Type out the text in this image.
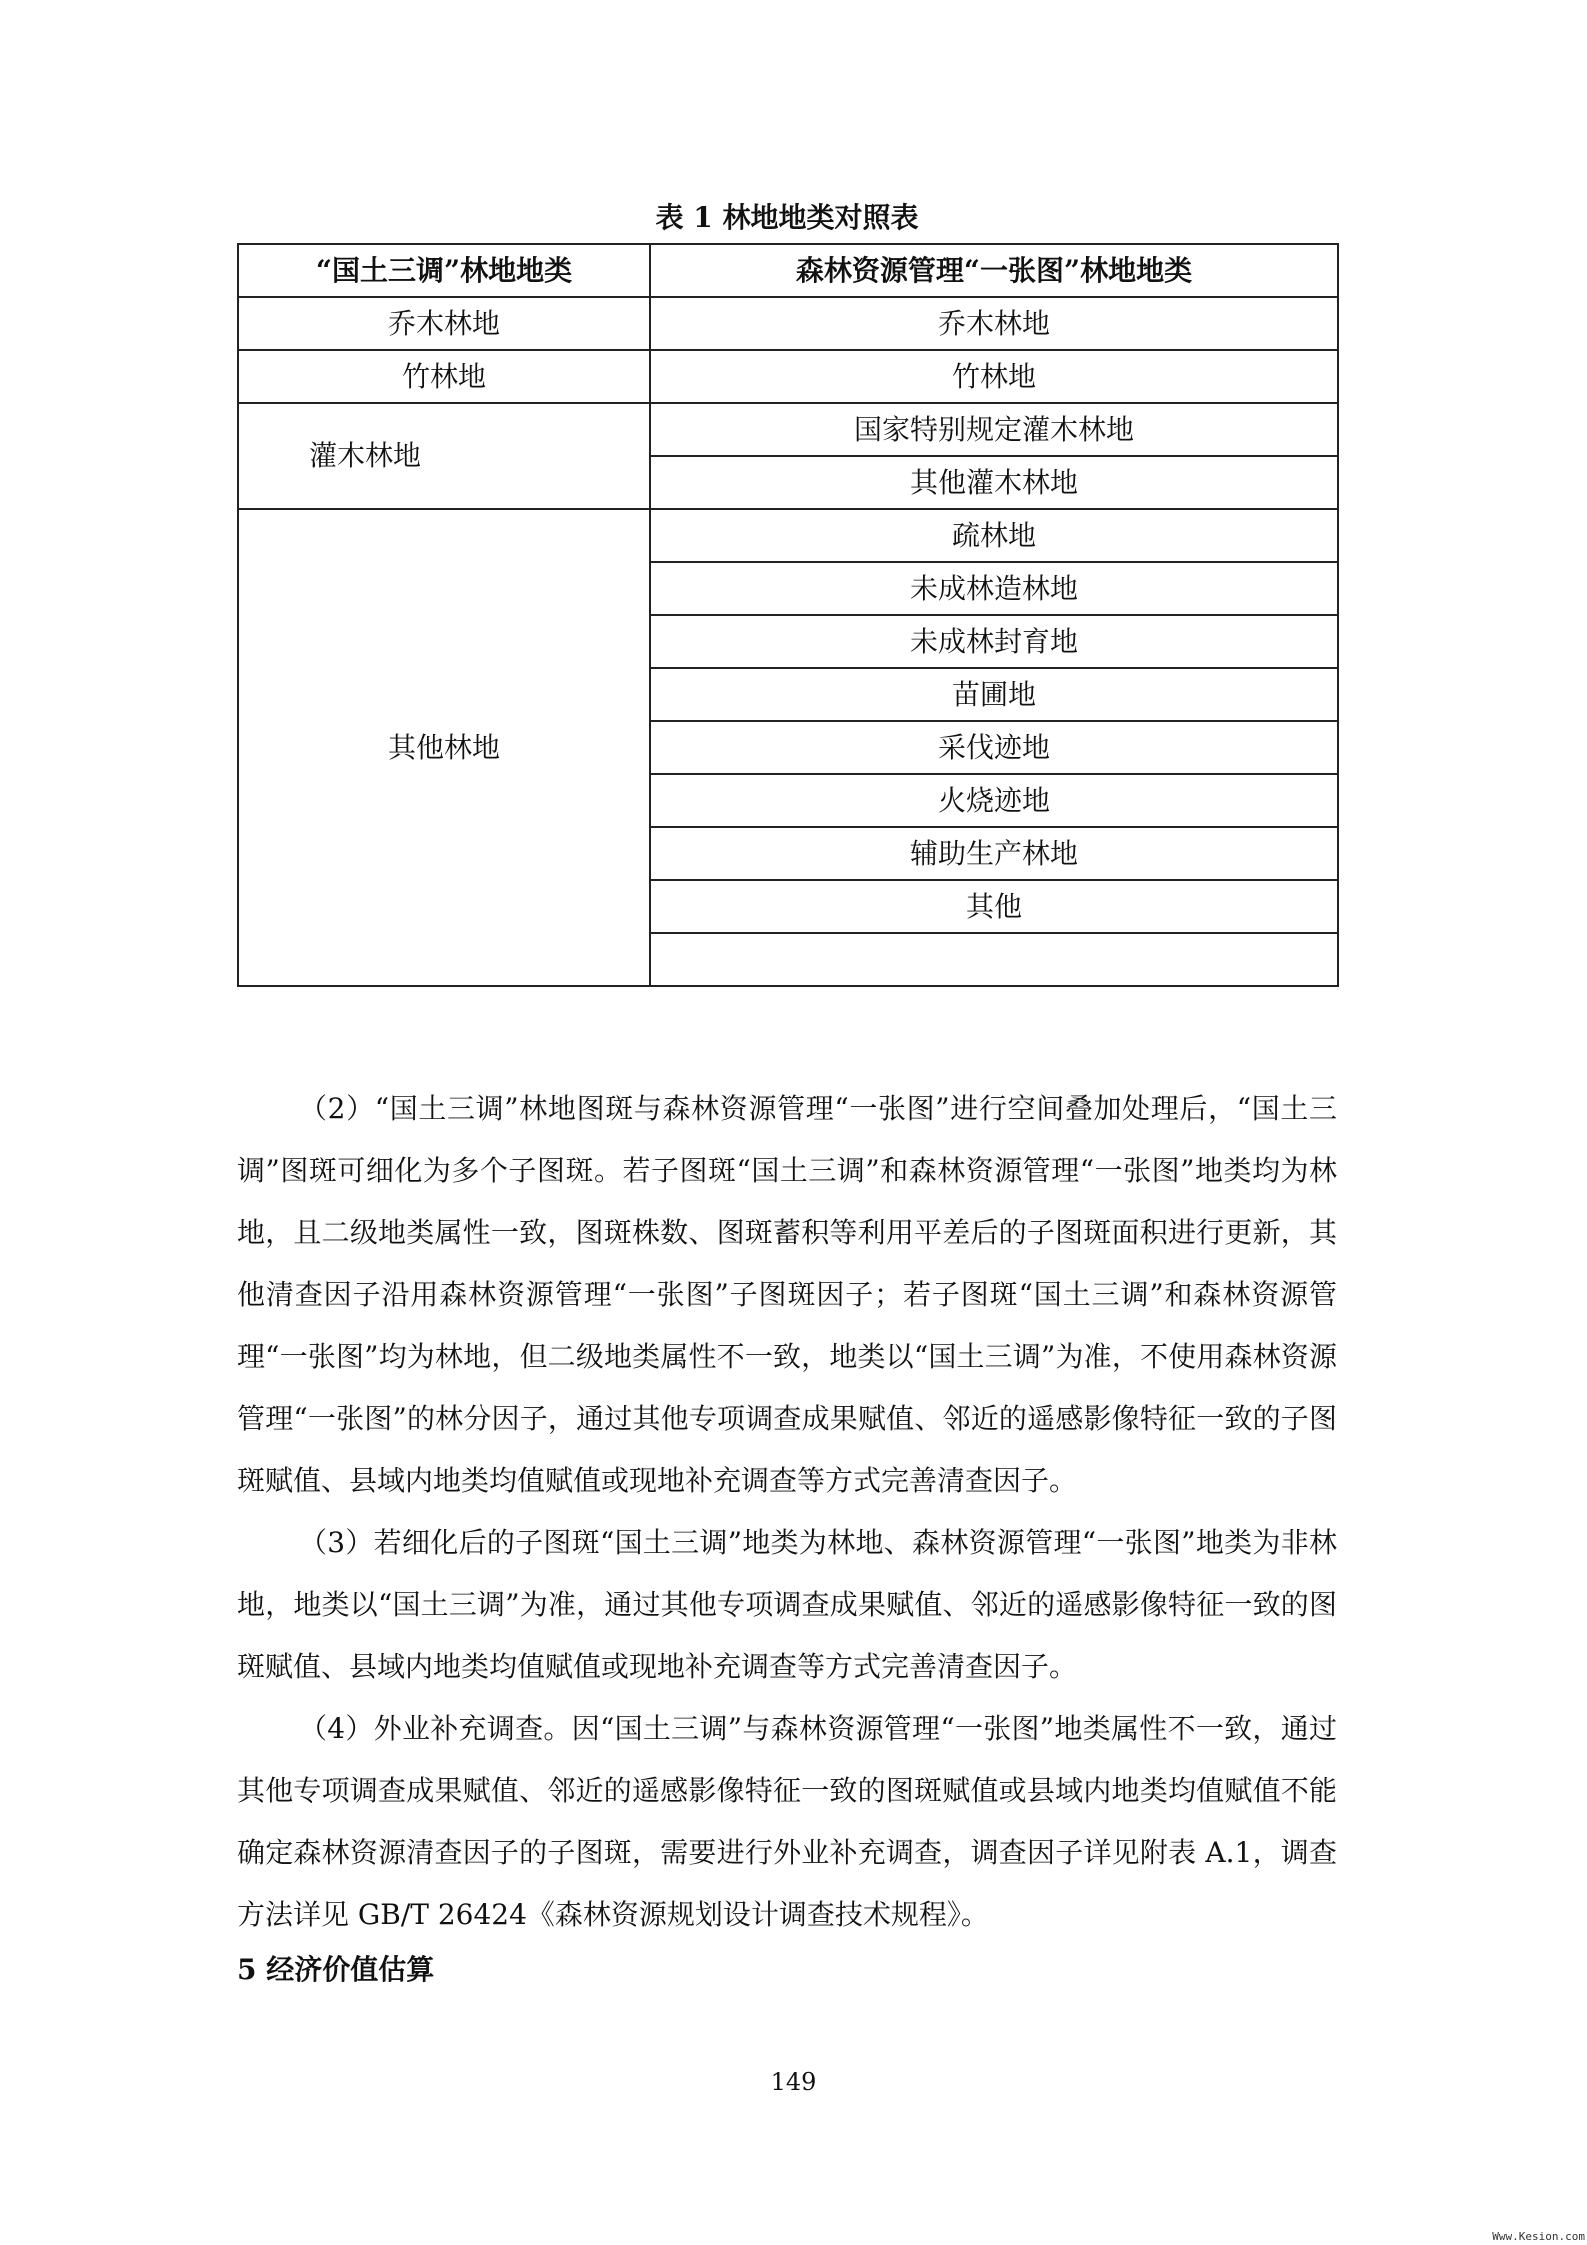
表 1 林地地类对照表
“国土三调”林地地类	森林资源管理“一张图”林地地类
乔木林地	乔木林地
竹林地	竹林地
灌木林地	国家特别规定灌木林地
	其他灌木林地
其他林地	疏林地
	未成林造林地
	未成林封育地
	苗圃地
	采伐迹地
	火烧迹地
	辅助生产林地
	其他

（2）“国土三调”林地图斑与森林资源管理“一张图”进行空间叠加处理后，“国土三调”图斑可细化为多个子图斑。若子图斑“国土三调”和森林资源管理“一张图”地类均为林地，且二级地类属性一致，图斑株数、图斑蓄积等利用平差后的子图斑面积进行更新，其他清查因子沿用森林资源管理“一张图”子图斑因子；若子图斑“国土三调”和森林资源管理“一张图”均为林地，但二级地类属性不一致，地类以“国土三调”为准，不使用森林资源管理“一张图”的林分因子，通过其他专项调查成果赋值、邻近的遥感影像特征一致的子图斑赋值、县域内地类均值赋值或现地补充调查等方式完善清查因子。

（3）若细化后的子图斑“国土三调”地类为林地、森林资源管理“一张图”地类为非林地，地类以“国土三调”为准，通过其他专项调查成果赋值、邻近的遥感影像特征一致的图斑赋值、县域内地类均值赋值或现地补充调查等方式完善清查因子。

（4）外业补充调查。因“国土三调”与森林资源管理“一张图”地类属性不一致，通过其他专项调查成果赋值、邻近的遥感影像特征一致的图斑赋值或县域内地类均值赋值不能确定森林资源清查因子的子图斑，需要进行外业补充调查，调查因子详见附表 A.1，调查方法详见 GB/T 26424《森林资源规划设计调查技术规程》。

5 经济价值估算
149
Www.Kesion.com
